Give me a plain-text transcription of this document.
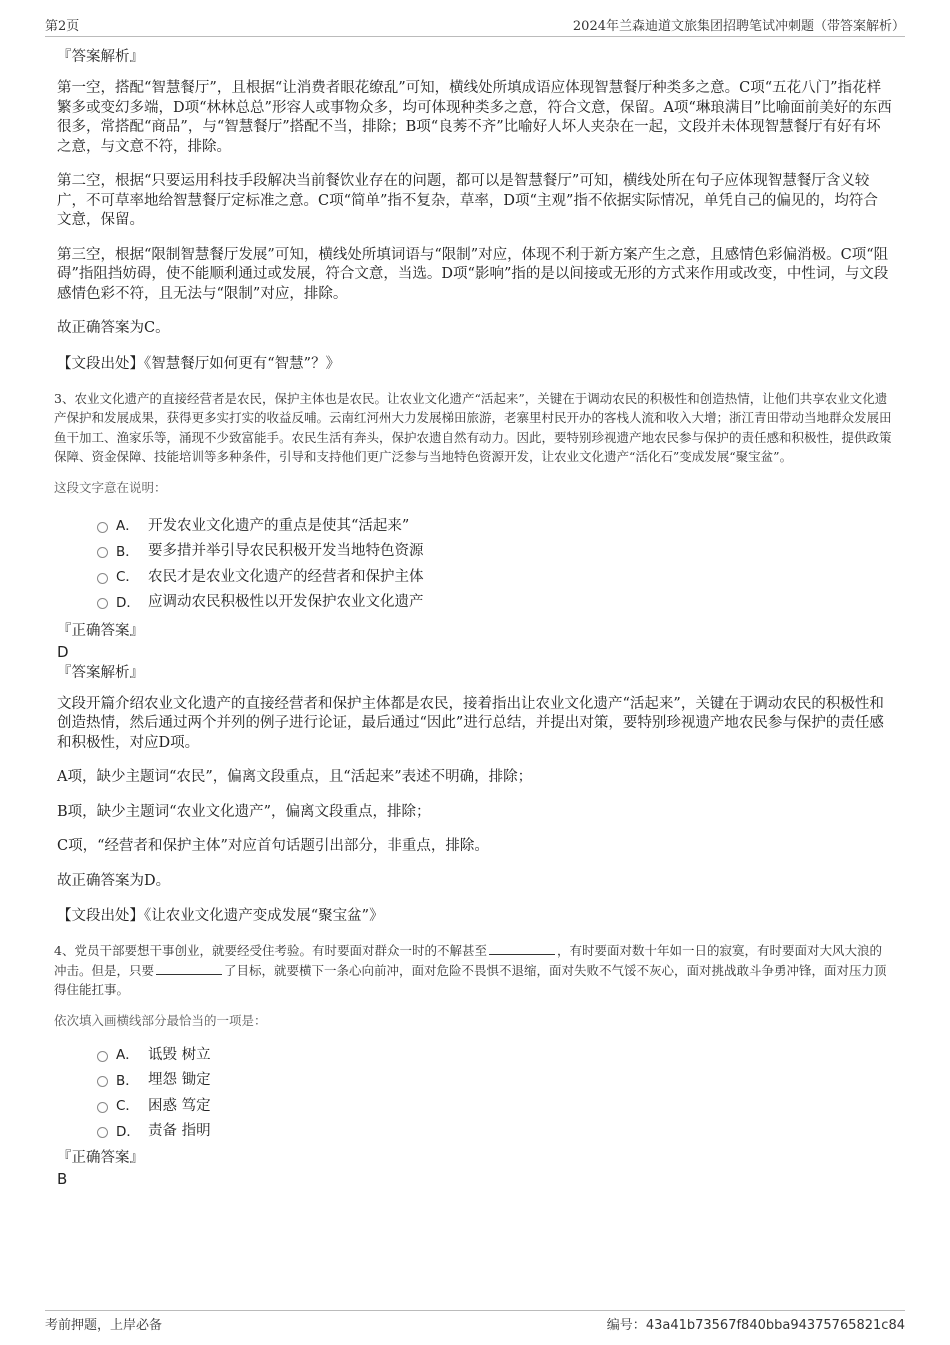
第2页	2024年兰森迪道文旅集团招聘笔试冲刺题（带答案解析）

『答案解析』

第一空，搭配“智慧餐厅”，且根据“让消费者眼花缭乱”可知，横线处所填成语应体现智慧餐厅种类多之意。C项“五花八门”指花样繁多或变幻多端，D项“林林总总”形容人或事物众多，均可体现种类多之意，符合文意，保留。A项“琳琅满目”比喻面前美好的东西很多，常搭配“商品”，与“智慧餐厅”搭配不当，排除；B项“良莠不齐”比喻好人坏人夹杂在一起，文段并未体现智慧餐厅有好有坏之意，与文意不符，排除。

第二空，根据“只要运用科技手段解决当前餐饮业存在的问题，都可以是智慧餐厅”可知，横线处所在句子应体现智慧餐厅含义较广，不可草率地给智慧餐厅定标准之意。C项“简单”指不复杂，草率，D项“主观”指不依据实际情况，单凭自己的偏见的，均符合文意，保留。

第三空，根据“限制智慧餐厅发展”可知，横线处所填词语与“限制”对应，体现不利于新方案产生之意，且感情色彩偏消极。C项“阻碍”指阻挡妨碍，使不能顺利通过或发展，符合文意，当选。D项“影响”指的是以间接或无形的方式来作用或改变，中性词，与文段感情色彩不符，且无法与“限制”对应，排除。

故正确答案为C。

【文段出处】《智慧餐厅如何更有“智慧”？》

3、农业文化遗产的直接经营者是农民，保护主体也是农民。让农业文化遗产“活起来”，关键在于调动农民的积极性和创造热情，让他们共享农业文化遗产保护和发展成果，获得更多实打实的收益反哺。云南红河州大力发展梯田旅游，老寨里村民开办的客栈人流和收入大增；浙江青田带动当地群众发展田鱼干加工、渔家乐等，涌现不少致富能手。农民生活有奔头，保护农遗自然有动力。因此，要特别珍视遗产地农民参与保护的责任感和积极性，提供政策保障、资金保障、技能培训等多种条件，引导和支持他们更广泛参与当地特色资源开发，让农业文化遗产“活化石”变成发展“聚宝盆”。

这段文字意在说明：

A． 开发农业文化遗产的重点是使其“活起来”
B． 要多措并举引导农民积极开发当地特色资源
C． 农民才是农业文化遗产的经营者和保护主体
D． 应调动农民积极性以开发保护农业文化遗产

『正确答案』

D

『答案解析』

文段开篇介绍农业文化遗产的直接经营者和保护主体都是农民，接着指出让农业文化遗产“活起来”，关键在于调动农民的积极性和创造热情，然后通过两个并列的例子进行论证，最后通过“因此”进行总结，并提出对策，要特别珍视遗产地农民参与保护的责任感和积极性，对应D项。

A项，缺少主题词“农民”，偏离文段重点，且“活起来”表述不明确，排除；

B项，缺少主题词“农业文化遗产”，偏离文段重点，排除；

C项，“经营者和保护主体”对应首句话题引出部分，非重点，排除。

故正确答案为D。

【文段出处】《让农业文化遗产变成发展“聚宝盆”》

4、党员干部要想干事创业，就要经受住考验。有时要面对群众一时的不解甚至	，有时要面对数十年如一日的寂寞，有时要面对大风大浪的冲击。但是，只要	了目标，就要横下一条心向前冲，面对危险不畏惧不退缩，面对失败不气馁不灰心，面对挑战敢斗争勇冲锋，面对压力顶得住能扛事。

依次填入画横线部分最恰当的一项是：

A． 诋毁 树立
B． 埋怨 锄定
C． 困惑 笃定
D． 责备 指明

『正确答案』

B

考前押题，上岸必备	编号：43a41b73567f840bba94375765821c84
